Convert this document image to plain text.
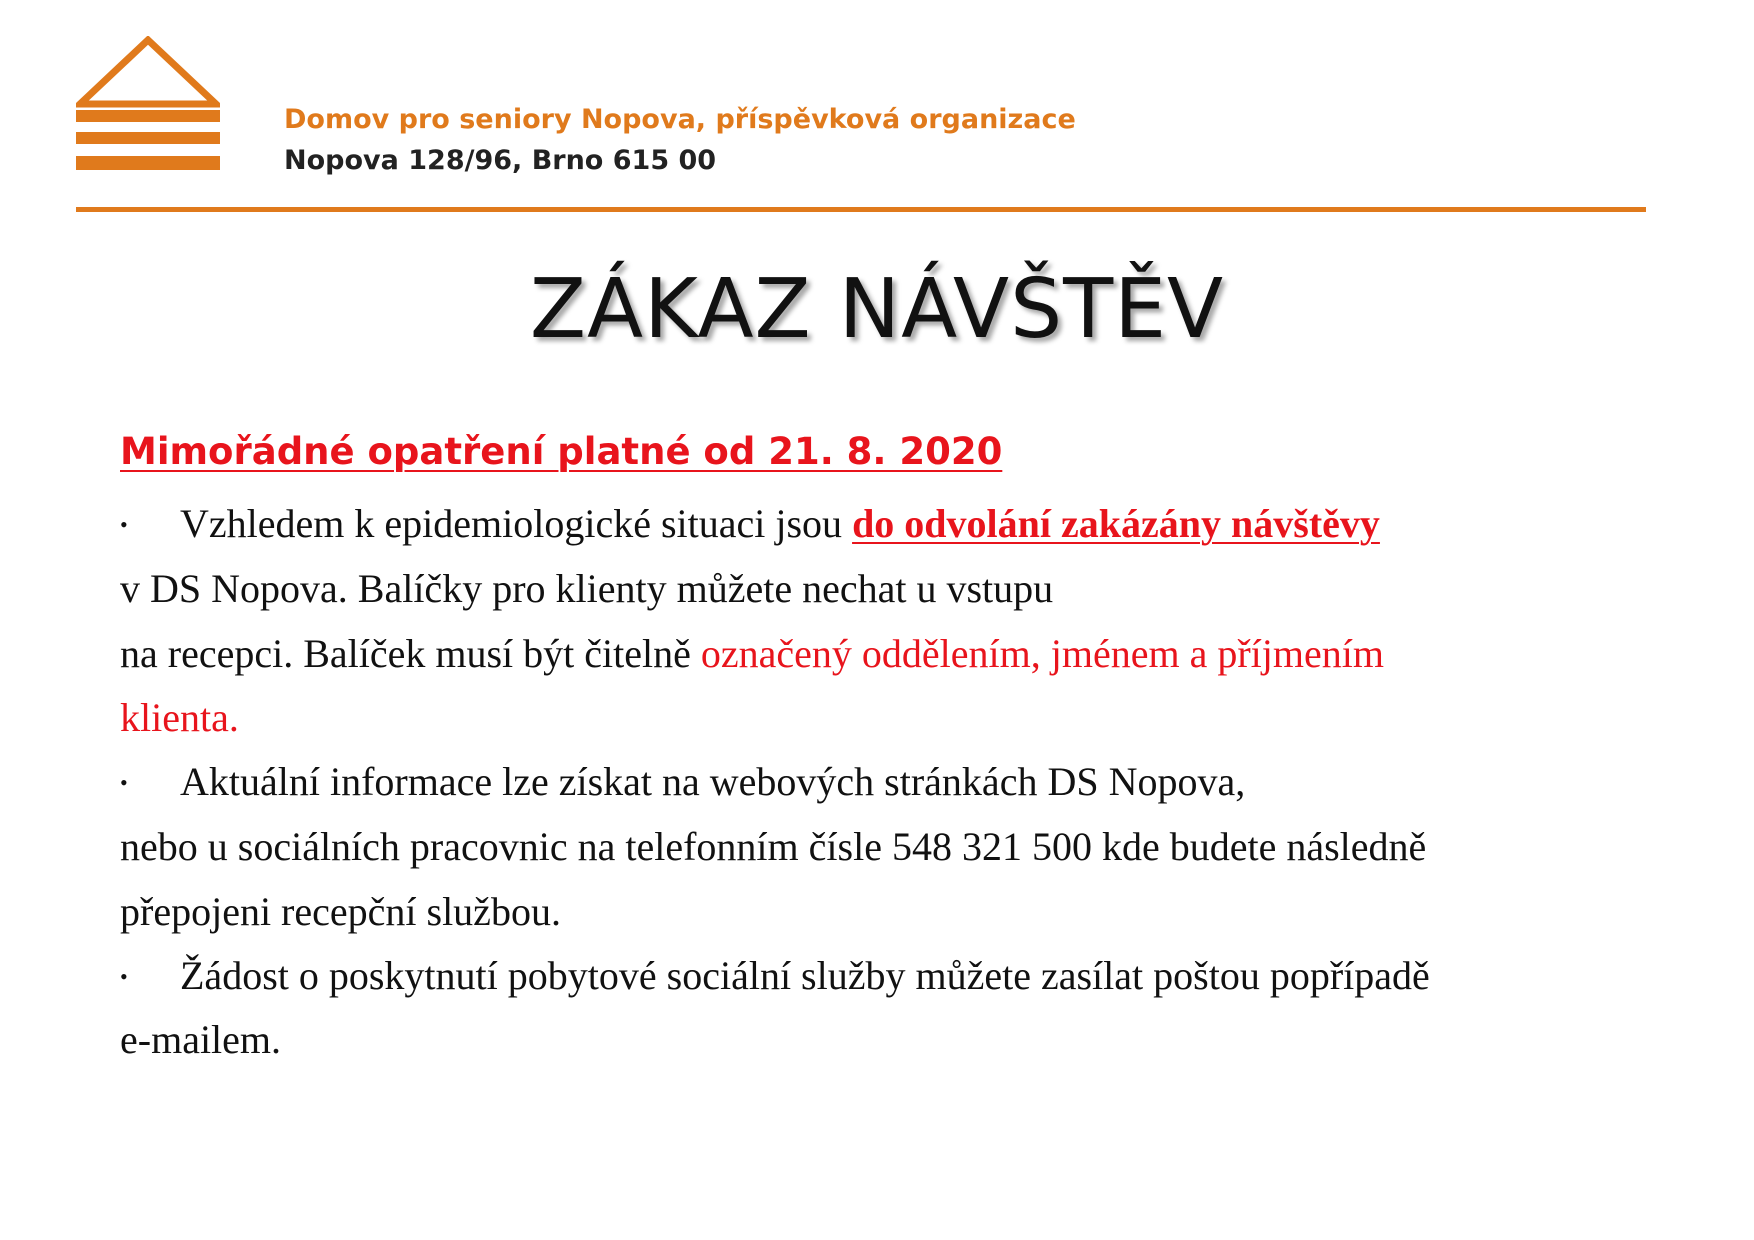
Domov pro seniory Nopova, příspěvková organizace
Nopova 128/96, Brno 615 00
ZÁKAZ NÁVŠTĚV
Mimořádné opatření platné od 21. 8. 2020
• Vzhledem k epidemiologické situaci jsou do odvolání zakázány návštěvy
v DS Nopova. Balíčky pro klienty můžete nechat u vstupu
na recepci. Balíček musí být čitelně označený oddělením, jménem a příjmením
klienta.
• Aktuální informace lze získat na webových stránkách DS Nopova,
nebo u sociálních pracovnic na telefonním čísle 548 321 500 kde budete následně
přepojeni recepční službou.
• Žádost o poskytnutí pobytové sociální služby můžete zasílat poštou popřípadě
e-mailem.
